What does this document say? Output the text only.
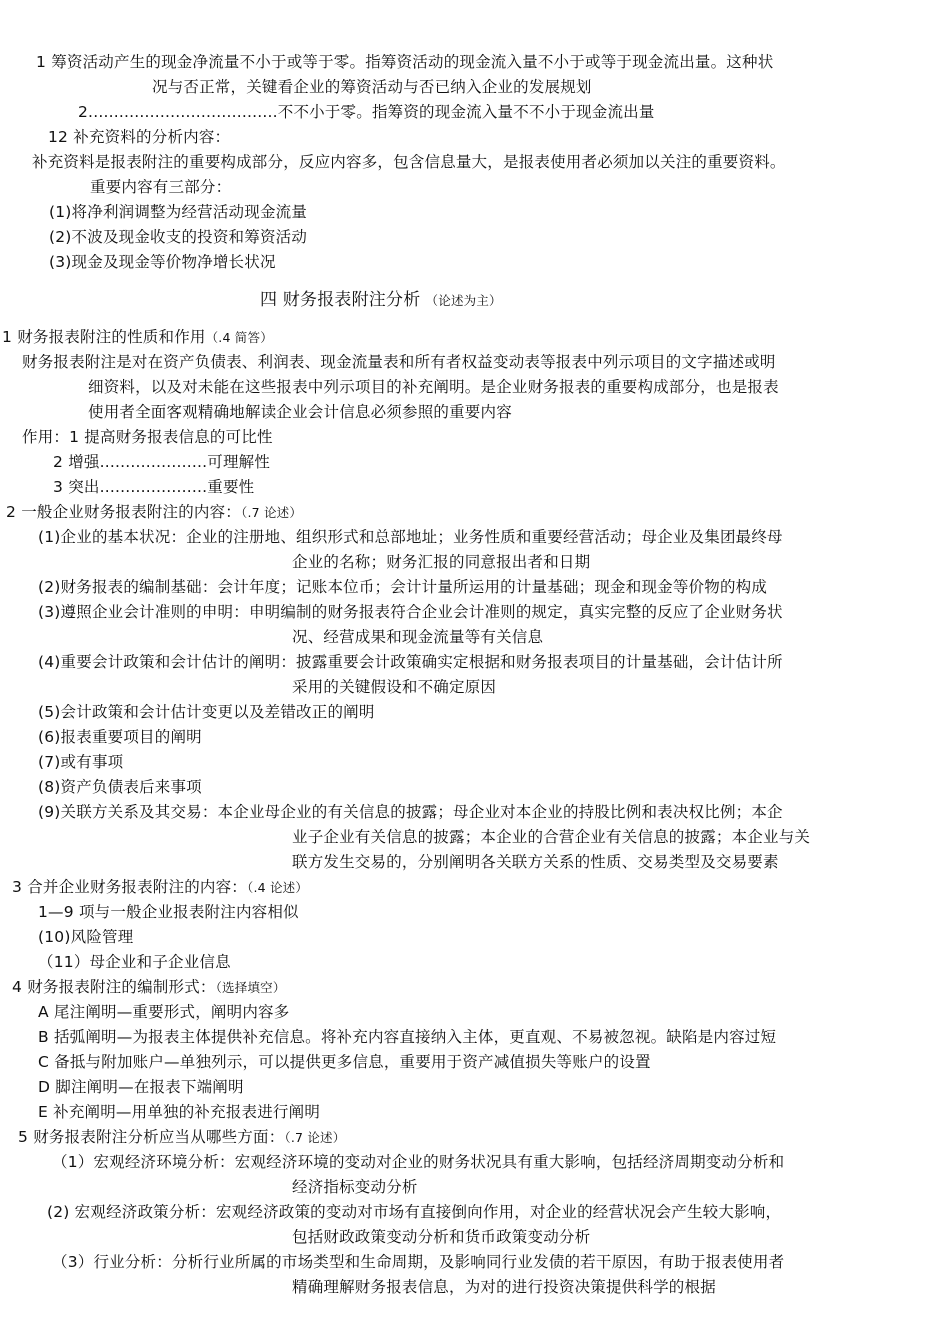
1 筹资活动产生的现金净流量不小于或等于零。指筹资活动的现金流入量不小于或等于现金流出量。这种状
况与否正常，关键看企业的筹资活动与否已纳入企业的发展规划
2.....................................不不小于零。指筹资的现金流入量不不小于现金流出量
12 补充资料的分析内容：
补充资料是报表附注的重要构成部分，反应内容多，包含信息量大，是报表使用者必须加以关注的重要资料。
重要内容有三部分：
(1)将净利润调整为经营活动现金流量
(2)不波及现金收支的投资和筹资活动
(3)现金及现金等价物净增长状况
四 财务报表附注分析 （论述为主）
1 财务报表附注的性质和作用（.4 简答）
财务报表附注是对在资产负债表、利润表、现金流量表和所有者权益变动表等报表中列示项目的文字描述或明
细资料，以及对未能在这些报表中列示项目的补充阐明。是企业财务报表的重要构成部分，也是报表
使用者全面客观精确地解读企业会计信息必须参照的重要内容
作用：1 提高财务报表信息的可比性
2 增强.....................可理解性
3 突出.....................重要性
2 一般企业财务报表附注的内容：（.7 论述）
(1)企业的基本状况：企业的注册地、组织形式和总部地址；业务性质和重要经营活动；母企业及集团最终母
企业的名称；财务汇报的同意报出者和日期
(2)财务报表的编制基础：会计年度；记账本位币；会计计量所运用的计量基础；现金和现金等价物的构成
(3)遵照企业会计准则的申明：申明编制的财务报表符合企业会计准则的规定，真实完整的反应了企业财务状
况、经营成果和现金流量等有关信息
(4)重要会计政策和会计估计的阐明：披露重要会计政策确实定根据和财务报表项目的计量基础，会计估计所
采用的关键假设和不确定原因
(5)会计政策和会计估计变更以及差错改正的阐明
(6)报表重要项目的阐明
(7)或有事项
(8)资产负债表后来事项
(9)关联方关系及其交易：本企业母企业的有关信息的披露；母企业对本企业的持股比例和表决权比例；本企
业子企业有关信息的披露；本企业的合营企业有关信息的披露；本企业与关
联方发生交易的，分别阐明各关联方关系的性质、交易类型及交易要素
3 合并企业财务报表附注的内容：（.4 论述）
1—9 项与一般企业报表附注内容相似
(10)风险管理
（11）母企业和子企业信息
4 财务报表附注的编制形式：（选择填空）
A 尾注阐明—重要形式，阐明内容多
B 括弧阐明—为报表主体提供补充信息。将补充内容直接纳入主体，更直观、不易被忽视。缺陷是内容过短
C 备抵与附加账户—单独列示，可以提供更多信息，重要用于资产减值损失等账户的设置
D 脚注阐明—在报表下端阐明
E 补充阐明—用单独的补充报表进行阐明
5 财务报表附注分析应当从哪些方面：（.7 论述）
（1）宏观经济环境分析：宏观经济环境的变动对企业的财务状况具有重大影响，包括经济周期变动分析和
经济指标变动分析
(2) 宏观经济政策分析：宏观经济政策的变动对市场有直接倒向作用，对企业的经营状况会产生较大影响，
包括财政政策变动分析和货币政策变动分析
（3）行业分析：分析行业所属的市场类型和生命周期，及影响同行业发债的若干原因，有助于报表使用者
精确理解财务报表信息，为对的进行投资决策提供科学的根据
